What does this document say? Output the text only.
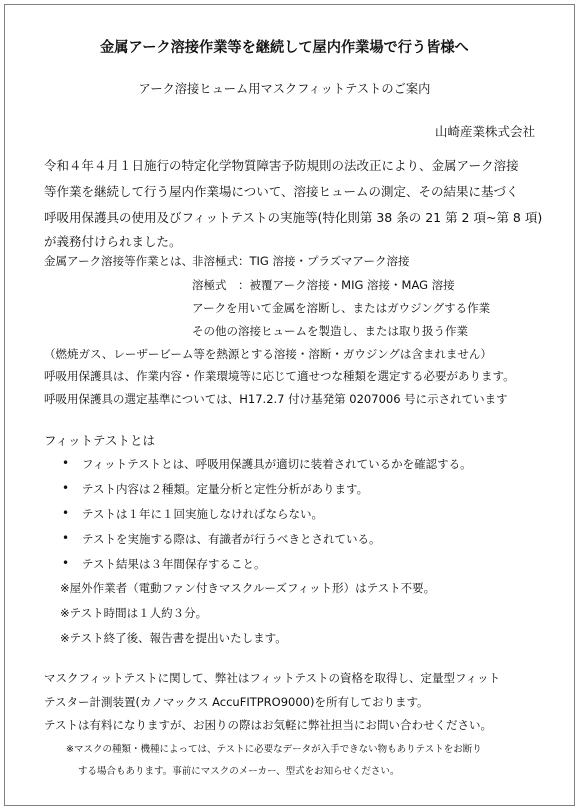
金属アーク溶接作業等を継続して屋内作業場で行う皆様へ
アーク溶接ヒューム用マスクフィットテストのご案内
山崎産業株式会社
令和４年４月１日施行の特定化学物質障害予防規則の法改正により、金属アーク溶接
等作業を継続して行う屋内作業場について、溶接ヒュームの測定、その結果に基づく
呼吸用保護具の使用及びフィットテストの実施等(特化則第 38 条の 21 第 2 項~第 8 項)
が義務付けられました。
金属アーク溶接等作業とは、
非溶極式：TIG 溶接・プラズマアーク溶接
溶極式　：被覆アーク溶接・MIG 溶接・MAG 溶接
アークを用いて金属を溶断し、またはガウジングする作業
その他の溶接ヒュームを製造し、または取り扱う作業
（燃焼ガス、レーザービーム等を熱源とする溶接・溶断・ガウジングは含まれません）
呼吸用保護具は、作業内容・作業環境等に応じて適せつな種類を選定する必要があります。
呼吸用保護具の選定基準については、H17.2.7 付け基発第 0207006 号に示されています
フィットテストとは
• フィットテストとは、呼吸用保護具が適切に装着されているかを確認する。
• テスト内容は２種類。定量分析と定性分析があります。
• テストは１年に１回実施しなければならない。
• テストを実施する際は、有識者が行うべきとされている。
• テスト結果は３年間保存すること。
※屋外作業者（電動ファン付きマスクルーズフィット形）はテスト不要。
※テスト時間は１人約３分。
※テスト終了後、報告書を提出いたします。
マスクフィットテストに関して、弊社はフィットテストの資格を取得し、定量型フィット
テスター計測装置(カノマックス AccuFITPRO9000)を所有しております。
テストは有料になりますが、お困りの際はお気軽に弊社担当にお問い合わせください。
※マスクの種類・機種によっては、テストに必要なデータが入手できない物もありテストをお断り
する場合もあります。事前にマスクのメーカー、型式をお知らせください。
